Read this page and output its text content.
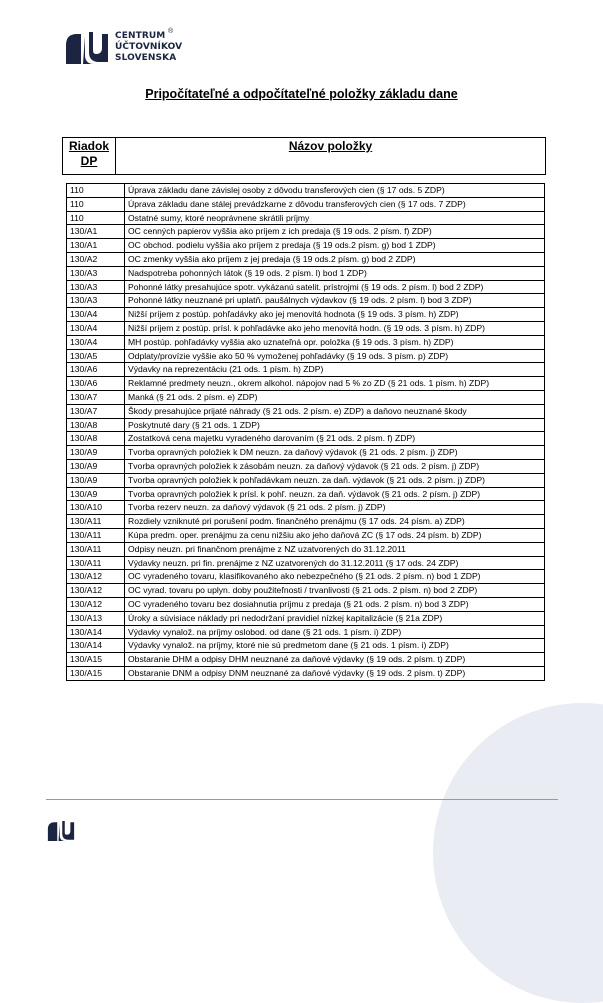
CENTRUM
ÚČTOVNÍKOV
SLOVENSKA
®
Pripočítateľné a odpočítateľné položky základu dane
Riadok DP	Názov položky
110	Úprava základu dane závislej osoby z dôvodu transferových cien (§ 17 ods. 5 ZDP)
110	Úprava základu dane stálej prevádzkarne z dôvodu transferových cien (§ 17 ods. 7 ZDP)
110	Ostatné sumy, ktoré neoprávnene skrátili príjmy
130/A1	OC cenných papierov vyššia ako príjem z ich predaja (§ 19 ods. 2 písm. f) ZDP)
130/A1	OC obchod. podielu vyššia ako príjem z predaja (§ 19 ods.2 písm. g) bod 1 ZDP)
130/A2	OC zmenky vyššia ako príjem z jej predaja (§ 19 ods.2 písm. g) bod 2 ZDP)
130/A3	Nadspotreba pohonných látok (§ 19 ods. 2 písm. l) bod 1 ZDP)
130/A3	Pohonné látky presahujúce spotr. vykázanú satelit. prístrojmi (§ 19 ods. 2 písm. l) bod 2 ZDP)
130/A3	Pohonné látky neuznané pri uplatň. paušálnych výdavkov (§ 19 ods. 2 písm. l) bod 3 ZDP)
130/A4	Nižší príjem z postúp. pohľadávky ako jej menovitá hodnota (§ 19 ods. 3 písm. h) ZDP)
130/A4	Nižší príjem z postúp. prísl. k pohľadávke ako jeho menovitá hodn. (§ 19 ods. 3 písm. h) ZDP)
130/A4	MH postúp. pohľadávky vyššia ako uznateľná opr. položka (§ 19 ods. 3 písm. h) ZDP)
130/A5	Odplaty/provízie vyššie ako 50 % vymoženej pohľadávky (§ 19 ods. 3 písm. p) ZDP)
130/A6	Výdavky na reprezentáciu (21 ods. 1 písm. h) ZDP)
130/A6	Reklamné predmety neuzn., okrem alkohol. nápojov nad 5 % zo ZD (§ 21 ods. 1 písm. h) ZDP)
130/A7	Manká (§ 21 ods. 2 písm. e) ZDP)
130/A7	Škody presahujúce prijaté náhrady (§ 21 ods. 2 písm. e) ZDP) a daňovo neuznané škody
130/A8	Poskytnuté dary (§ 21 ods. 1 ZDP)
130/A8	Zostatková cena majetku vyradeného darovaním (§ 21 ods. 2 písm. f) ZDP)
130/A9	Tvorba opravných položiek k DM neuzn. za daňový výdavok (§ 21 ods. 2 písm. j) ZDP)
130/A9	Tvorba opravných položiek k zásobám neuzn. za daňový výdavok (§ 21 ods. 2 písm. j) ZDP)
130/A9	Tvorba opravných položiek k pohľadávkam neuzn. za daň. výdavok (§ 21 ods. 2 písm. j) ZDP)
130/A9	Tvorba opravných položiek k prísl. k pohľ. neuzn. za daň. výdavok (§ 21 ods. 2 písm. j) ZDP)
130/A10	Tvorba rezerv neuzn. za daňový výdavok (§ 21 ods. 2 písm. j) ZDP)
130/A11	Rozdiely vzniknuté pri porušení podm. finančného prenájmu (§ 17 ods. 24 písm. a) ZDP)
130/A11	Kúpa predm. oper. prenájmu za cenu nižšiu ako jeho daňová ZC (§ 17 ods. 24 písm. b) ZDP)
130/A11	Odpisy neuzn. pri finančnom prenájme z NZ uzatvorených do 31.12.2011
130/A11	Výdavky neuzn. pri fin. prenájme z NZ uzatvorených do 31.12.2011 (§ 17 ods. 24 ZDP)
130/A12	OC vyradeného tovaru, klasifikovaného ako nebezpečného (§ 21 ods. 2 písm. n) bod 1 ZDP)
130/A12	OC vyrad. tovaru po uplyn. doby použiteľnosti / trvanlivosti (§ 21 ods. 2 písm. n) bod 2 ZDP)
130/A12	OC vyradeného tovaru bez dosiahnutia príjmu z predaja (§ 21 ods. 2 písm. n) bod 3 ZDP)
130/A13	Úroky a súvisiace náklady pri nedodržaní pravidiel nízkej kapitalizácie (§ 21a ZDP)
130/A14	Výdavky vynalož. na príjmy oslobod. od dane (§ 21 ods. 1 písm. i) ZDP)
130/A14	Výdavky vynalož. na príjmy, ktoré nie sú predmetom dane (§ 21 ods. 1 písm. i) ZDP)
130/A15	Obstaranie DHM a odpisy DHM neuznané za daňové výdavky (§ 19 ods. 2 písm. t) ZDP)
130/A15	Obstaranie DNM a odpisy DNM neuznané za daňové výdavky (§ 19 ods. 2 písm. t) ZDP)
